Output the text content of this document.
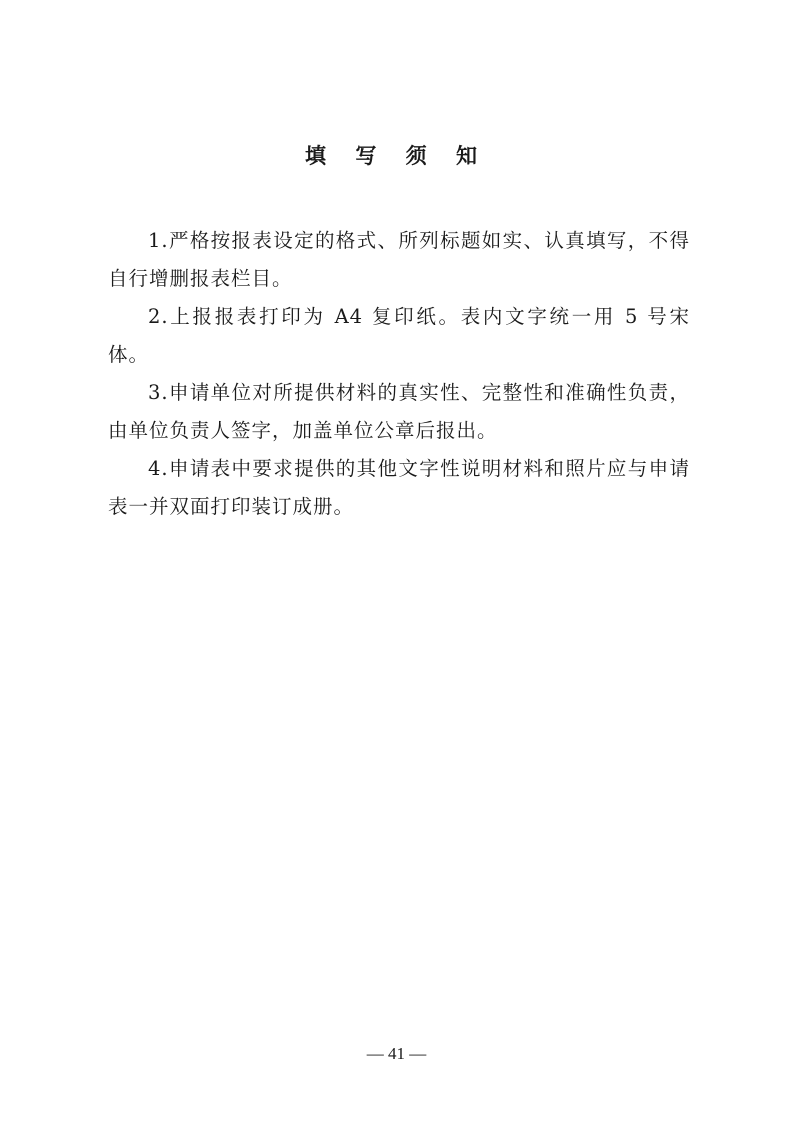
填 写 须 知

1.严格按报表设定的格式、所列标题如实、认真填写，不得自行增删报表栏目。

2.上报报表打印为 A4 复印纸。表内文字统一用 5 号宋体。

3.申请单位对所提供材料的真实性、完整性和准确性负责，由单位负责人签字，加盖单位公章后报出。

4.申请表中要求提供的其他文字性说明材料和照片应与申请表一并双面打印装订成册。

— 41 —
